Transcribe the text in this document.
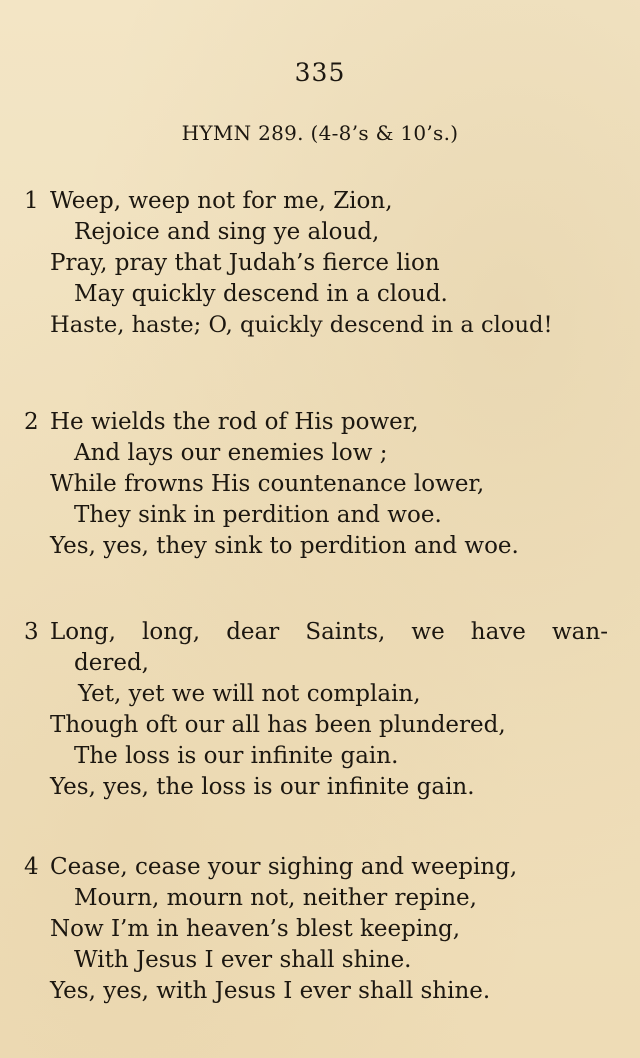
335
HYMN 289. (4-8’s & 10’s.)
1 Weep, weep not for me, Zion,
Rejoice and sing ye aloud,
Pray, pray that Judah’s fierce lion
May quickly descend in a cloud.
Haste, haste; O, quickly descend in a cloud!
2 He wields the rod of His power,
And lays our enemies low ;
While frowns His countenance lower,
They sink in perdition and woe.
Yes, yes, they sink to perdition and woe.
3 Long, long, dear Saints, we have wan-
dered,
Yet, yet we will not complain,
Though oft our all has been plundered,
The loss is our infinite gain.
Yes, yes, the loss is our infinite gain.
4 Cease, cease your sighing and weeping,
Mourn, mourn not, neither repine,
Now I’m in heaven’s blest keeping,
With Jesus I ever shall shine.
Yes, yes, with Jesus I ever shall shine.
